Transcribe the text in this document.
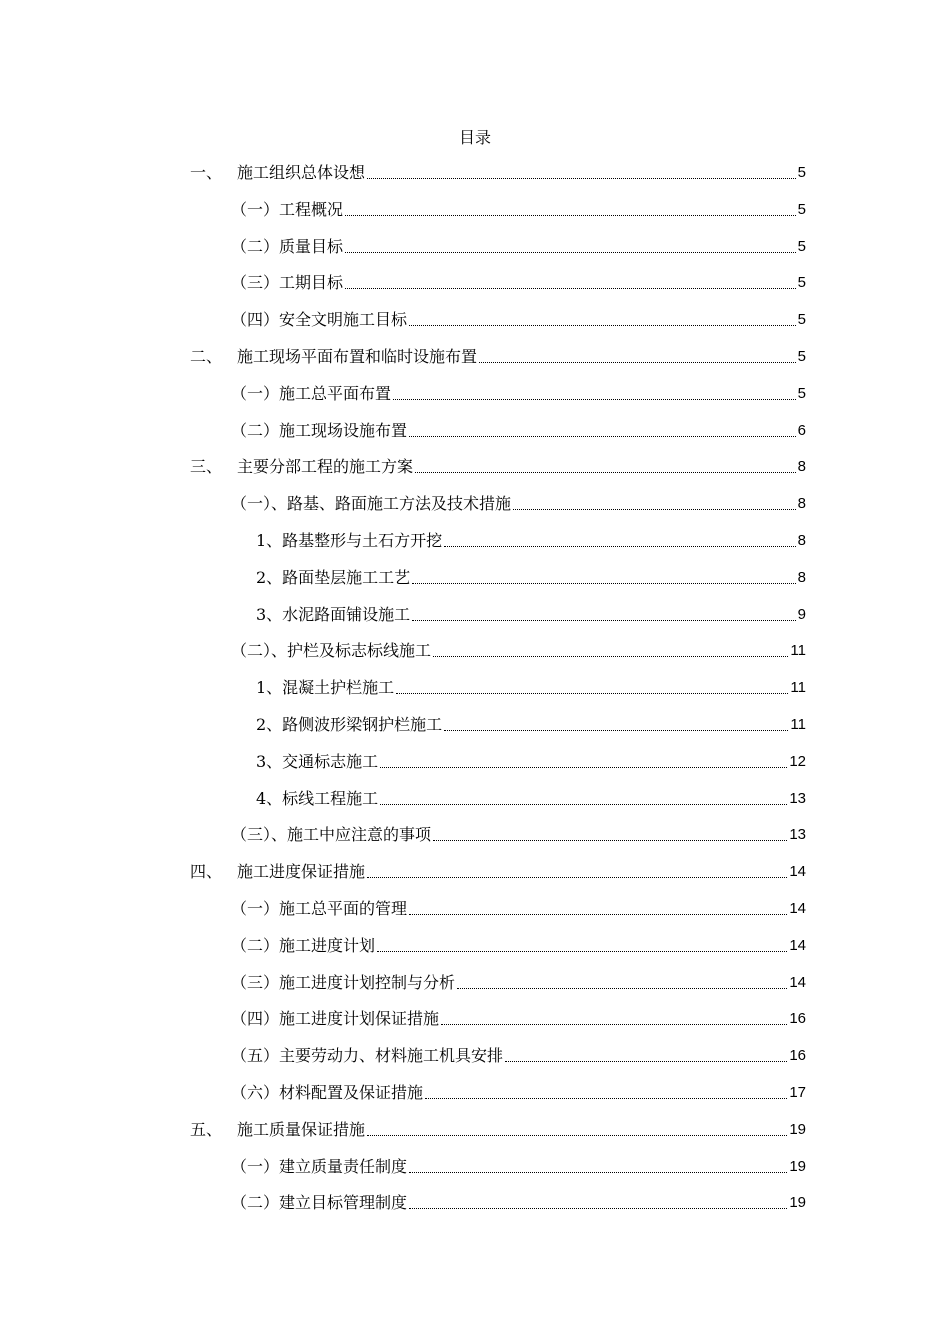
目录
一、 施工组织总体设想	5
（一）工程概况	5
（二）质量目标	5
（三）工期目标	5
（四）安全文明施工目标	5
二、 施工现场平面布置和临时设施布置	5
（一）施工总平面布置	5
（二）施工现场设施布置	6
三、 主要分部工程的施工方案	8
（一）、路基、路面施工方法及技术措施	8
1、路基整形与土石方开挖	8
2、路面垫层施工工艺	8
3、水泥路面铺设施工	9
（二）、护栏及标志标线施工	11
1、混凝土护栏施工	11
2、路侧波形梁钢护栏施工	11
3、交通标志施工	12
4、标线工程施工	13
（三）、施工中应注意的事项	13
四、 施工进度保证措施	14
（一）施工总平面的管理	14
（二）施工进度计划	14
（三）施工进度计划控制与分析	14
（四）施工进度计划保证措施	16
（五）主要劳动力、材料施工机具安排	16
（六）材料配置及保证措施	17
五、 施工质量保证措施	19
（一）建立质量责任制度	19
（二）建立目标管理制度	19
